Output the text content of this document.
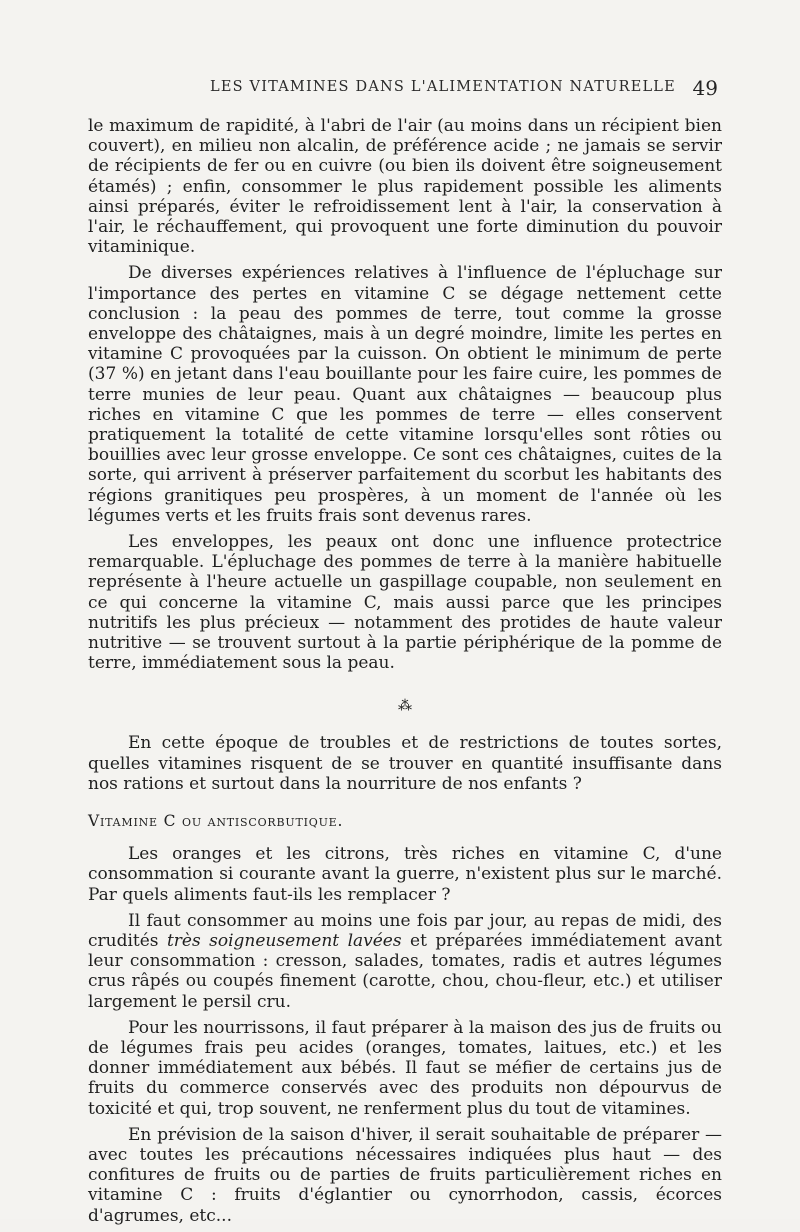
LES VITAMINES DANS L'ALIMENTATION NATURELLE 49

le maximum de rapidité, à l'abri de l'air (au moins dans un récipient bien couvert), en milieu non alcalin, de préférence acide ; ne jamais se servir de récipients de fer ou en cuivre (ou bien ils doivent être soigneusement étamés) ; enfin, consommer le plus rapidement possible les aliments ainsi préparés, éviter le refroidissement lent à l'air, la conservation à l'air, le réchauffement, qui provoquent une forte diminution du pouvoir vitaminique.

De diverses expériences relatives à l'influence de l'épluchage sur l'importance des pertes en vitamine C se dégage nettement cette conclusion : la peau des pommes de terre, tout comme la grosse enveloppe des châtaignes, mais à un degré moindre, limite les pertes en vitamine C provoquées par la cuisson. On obtient le minimum de perte (37 %) en jetant dans l'eau bouillante pour les faire cuire, les pommes de terre munies de leur peau. Quant aux châtaignes — beaucoup plus riches en vitamine C que les pommes de terre — elles conservent pratiquement la totalité de cette vitamine lorsqu'elles sont rôties ou bouillies avec leur grosse enveloppe. Ce sont ces châtaignes, cuites de la sorte, qui arrivent à préserver parfaitement du scorbut les habitants des régions granitiques peu prospères, à un moment de l'année où les légumes verts et les fruits frais sont devenus rares.

Les enveloppes, les peaux ont donc une influence protectrice remarquable. L'épluchage des pommes de terre à la manière habituelle représente à l'heure actuelle un gaspillage coupable, non seulement en ce qui concerne la vitamine C, mais aussi parce que les principes nutritifs les plus précieux — notamment des protides de haute valeur nutritive — se trouvent surtout à la partie périphérique de la pomme de terre, immédiatement sous la peau.

⁂

En cette époque de troubles et de restrictions de toutes sortes, quelles vitamines risquent de se trouver en quantité insuffisante dans nos rations et surtout dans la nourriture de nos enfants ?

Vitamine C ou antiscorbutique.

Les oranges et les citrons, très riches en vitamine C, d'une consommation si courante avant la guerre, n'existent plus sur le marché. Par quels aliments faut-ils les remplacer ?

Il faut consommer au moins une fois par jour, au repas de midi, des crudités très soigneusement lavées et préparées immédiatement avant leur consommation : cresson, salades, tomates, radis et autres légumes crus râpés ou coupés finement (carotte, chou, chou-fleur, etc.) et utiliser largement le persil cru.

Pour les nourrissons, il faut préparer à la maison des jus de fruits ou de légumes frais peu acides (oranges, tomates, laitues, etc.) et les donner immédiatement aux bébés. Il faut se méfier de certains jus de fruits du commerce conservés avec des produits non dépourvus de toxicité et qui, trop souvent, ne renferment plus du tout de vitamines.

En prévision de la saison d'hiver, il serait souhaitable de préparer — avec toutes les précautions nécessaires indiquées plus haut — des confitures de fruits ou de parties de fruits particulièrement riches en vitamine C : fruits d'églantier ou cynorrhodon, cassis, écorces d'agrumes, etc...
